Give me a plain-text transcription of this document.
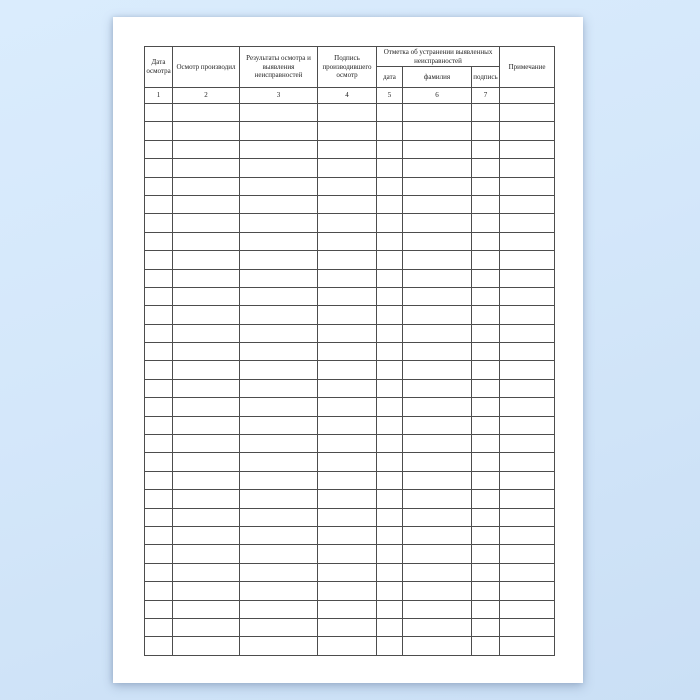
Дата осмотра	Осмотр производил	Результаты осмотра и выявления неисправностей	Подпись производившего осмотр	Отметка об устранении выявленных неисправностей			Примечание
				дата	фамилия	подпись	
1	2	3	4	5	6	7	
